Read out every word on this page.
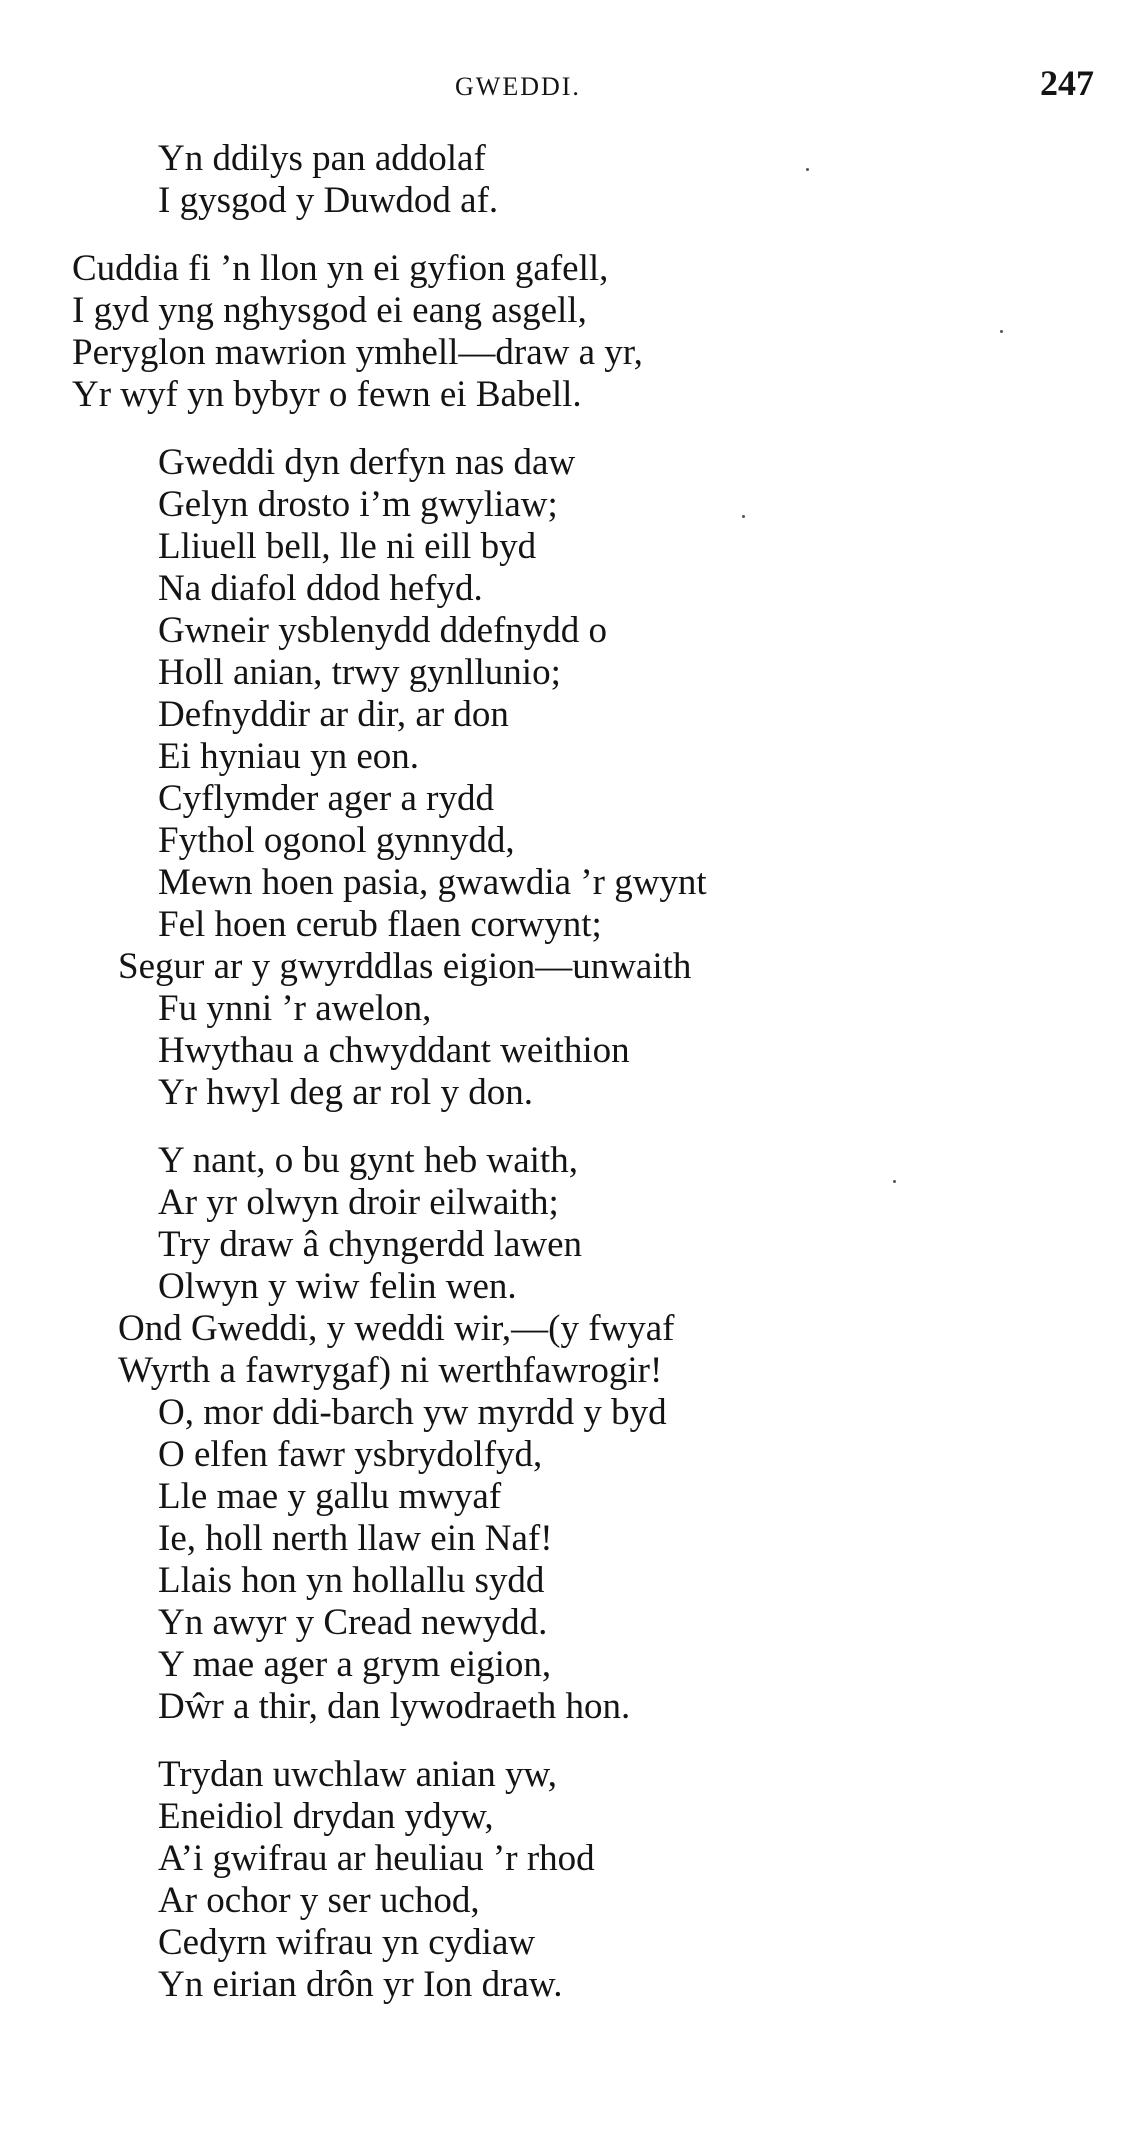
GWEDDI.	247
Yn ddilys pan addolaf
I gysgod y Duwdod af.
Cuddia fi ’n llon yn ei gyfion gafell,
I gyd yng nghysgod ei eang asgell,
Peryglon mawrion ymhell—draw a yr,
Yr wyf yn bybyr o fewn ei Babell.
Gweddi dyn derfyn nas daw
Gelyn drosto i’m gwyliaw;
Lliuell bell, lle ni eill byd
Na diafol ddod hefyd.
Gwneir ysblenydd ddefnydd o
Holl anian, trwy gynllunio;
Defnyddir ar dir, ar don
Ei hyniau yn eon.
Cyflymder ager a rydd
Fythol ogonol gynnydd,
Mewn hoen pasia, gwawdia ’r gwynt
Fel hoen cerub flaen corwynt;
Segur ar y gwyrddlas eigion—unwaith
Fu ynni ’r awelon,
Hwythau a chwyddant weithion
Yr hwyl deg ar rol y don.
Y nant, o bu gynt heb waith,
Ar yr olwyn droir eilwaith;
Try draw â chyngerdd lawen
Olwyn y wiw felin wen.
Ond Gweddi, y weddi wir,—(y fwyaf
Wyrth a fawrygaf) ni werthfawrogir!
O, mor ddi-barch yw myrdd y byd
O elfen fawr ysbrydolfyd,
Lle mae y gallu mwyaf
Ie, holl nerth llaw ein Naf!
Llais hon yn hollallu sydd
Yn awyr y Cread newydd.
Y mae ager a grym eigion,
Dŵr a thir, dan lywodraeth hon.
Trydan uwchlaw anian yw,
Eneidiol drydan ydyw,
A’i gwifrau ar heuliau ’r rhod
Ar ochor y ser uchod,
Cedyrn wifrau yn cydiaw
Yn eirian drôn yr Ion draw.
